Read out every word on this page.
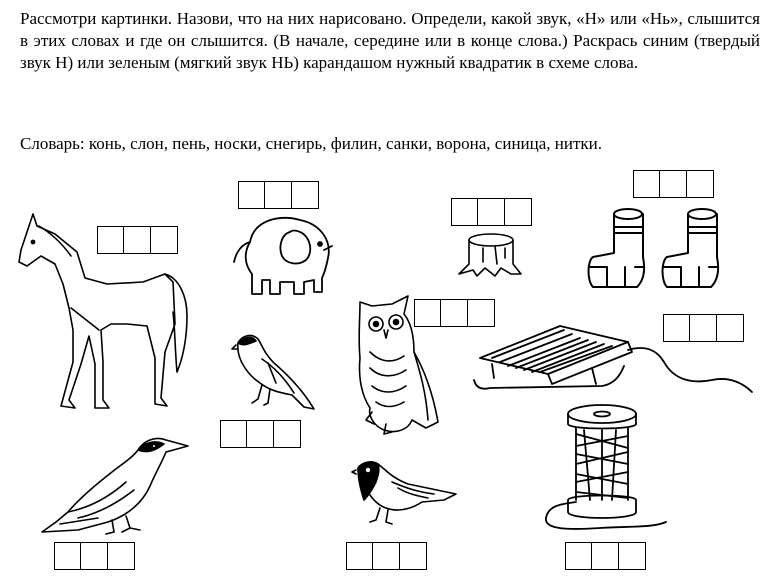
Рассмотри картинки. Назови, что на них нарисовано. Определи, какой звук, «Н» или «Нь», слышится в этих словах и где он слышится. (В начале, середине или в конце слова.) Раскрась синим (твердый звук Н) или зеленым (мягкий звук НЬ) карандашом нужный квадратик в схеме слова.

Словарь: конь, слон, пень, носки, снегирь, филин, санки, ворона, синица, нитки.
